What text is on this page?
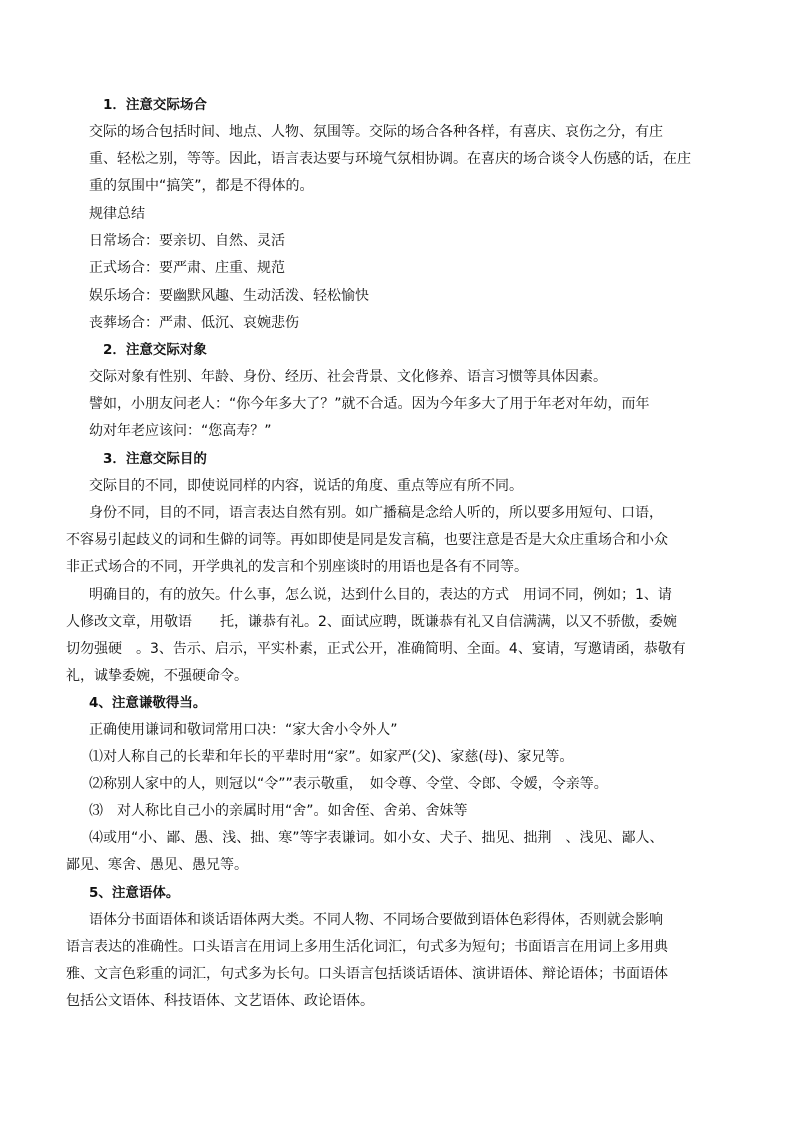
1．注意交际场合
交际的场合包括时间、地点、人物、氛围等。交际的场合各种各样，有喜庆、哀伤之分，有庄
重、轻松之别，等等。因此，语言表达要与环境气氛相协调。在喜庆的场合谈令人伤感的话，在庄
重的氛围中“搞笑”，都是不得体的。
规律总结
日常场合：要亲切、自然、灵活
正式场合：要严肃、庄重、规范
娱乐场合：要幽默风趣、生动活泼、轻松愉快
丧葬场合：严肃、低沉、哀婉悲伤
2．注意交际对象
交际对象有性别、年龄、身份、经历、社会背景、文化修养、语言习惯等具体因素。
譬如，小朋友问老人：“你今年多大了？”就不合适。因为今年多大了用于年老对年幼，而年
幼对年老应该问：“您高寿？”
3．注意交际目的
交际目的不同，即使说同样的内容，说话的角度、重点等应有所不同。
身份不同，目的不同，语言表达自然有别。如广播稿是念给人听的，所以要多用短句、口语，
不容易引起歧义的词和生僻的词等。再如即使是同是发言稿，也要注意是否是大众庄重场合和小众
非正式场合的不同，开学典礼的发言和个别座谈时的用语也是各有不同等。
明确目的，有的放矢。什么事，怎么说，达到什么目的，表达的方式　用词不同，例如；1、请
人修改文章，用敬语　　托，谦恭有礼。2、面试应聘，既谦恭有礼又自信满满，以又不骄傲，委婉
切勿强硬　。3、告示、启示，平实朴素，正式公开，准确简明、全面。4、宴请，写邀请函，恭敬有
礼，诚挚委婉，不强硬命令。
4、注意谦敬得当。
正确使用谦词和敬词常用口决：“家大舍小令外人”
⑴对人称自己的长辈和年长的平辈时用“家”。如家严(父)、家慈(母)、家兄等。
⑵称别人家中的人，则冠以“令””表示敬重，　如令尊、令堂、令郎、令嫒，令亲等。
⑶　对人称比自己小的亲属时用“舍”。如舍侄、舍弟、舍妹等
⑷或用“小、鄙、愚、浅、拙、寒”等字表谦词。如小女、犬子、拙见、拙荆　、浅见、鄙人、
鄙见、寒舍、愚见、愚兄等。
5、注意语体。
语体分书面语体和谈话语体两大类。不同人物、不同场合要做到语体色彩得体，否则就会影响
语言表达的准确性。口头语言在用词上多用生活化词汇，句式多为短句；书面语言在用词上多用典
雅、文言色彩重的词汇，句式多为长句。口头语言包括谈话语体、演讲语体、辩论语体；书面语体
包括公文语体、科技语体、文艺语体、政论语体。
